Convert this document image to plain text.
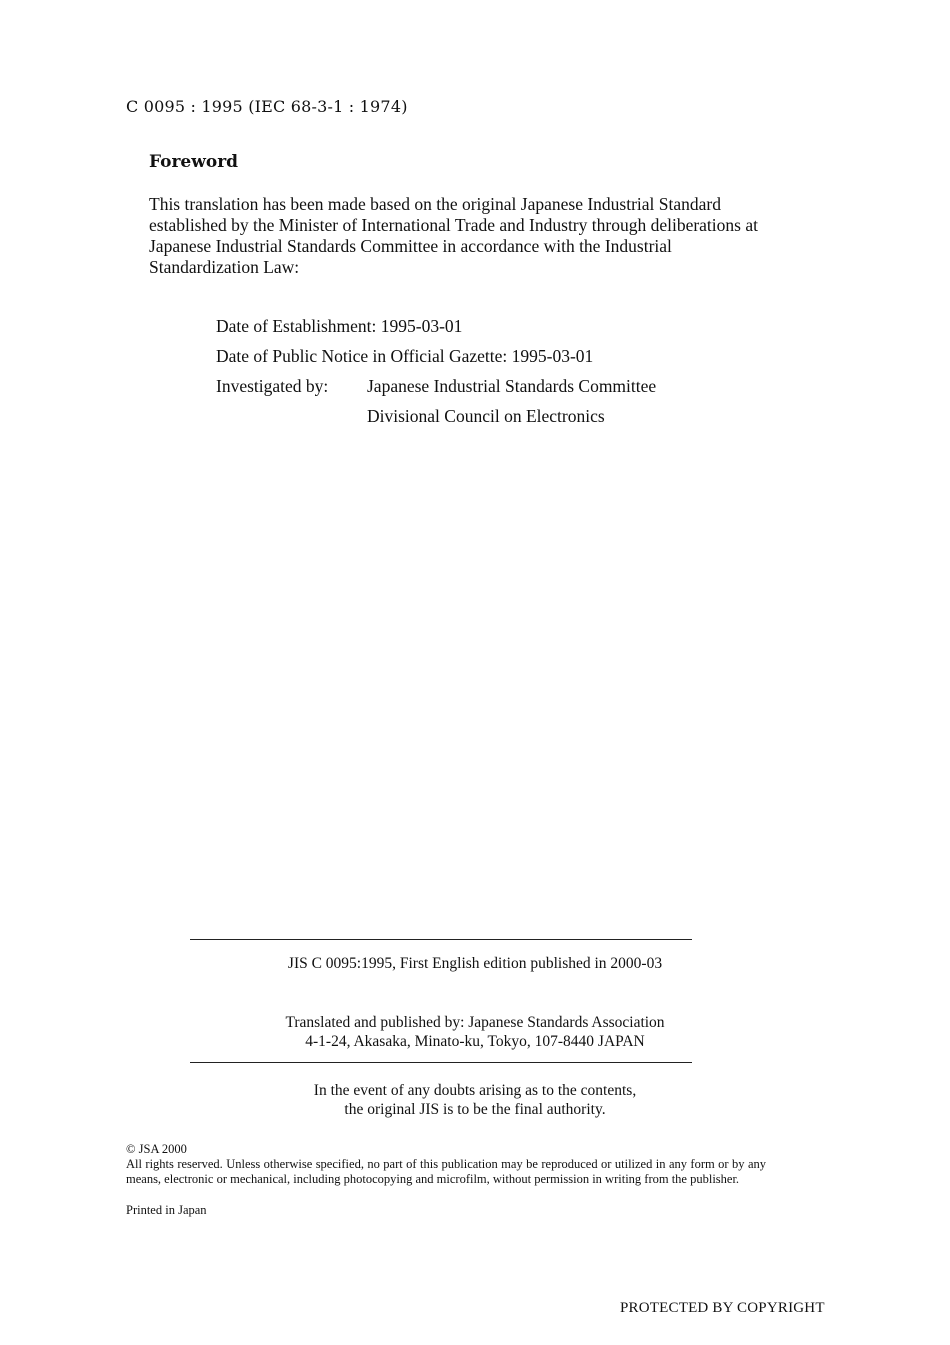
C 0095 : 1995 (IEC 68-3-1 : 1974)
Foreword
This translation has been made based on the original Japanese Industrial Standard established by the Minister of International Trade and Industry through deliberations at Japanese Industrial Standards Committee in accordance with the Industrial Standardization Law:
Date of Establishment: 1995-03-01
Date of Public Notice in Official Gazette: 1995-03-01
Investigated by: Japanese Industrial Standards Committee
Divisional Council on Electronics
JIS C 0095:1995, First English edition published in 2000-03
Translated and published by: Japanese Standards Association
4-1-24, Akasaka, Minato-ku, Tokyo, 107-8440 JAPAN
In the event of any doubts arising as to the contents,
the original JIS is to be the final authority.

© JSA 2000

All rights reserved. Unless otherwise specified, no part of this publication may be reproduced or utilized in any form or by any means, electronic or mechanical, including photocopying and microfilm, without permission in writing from the publisher.

Printed in Japan

PROTECTED BY COPYRIGHT
